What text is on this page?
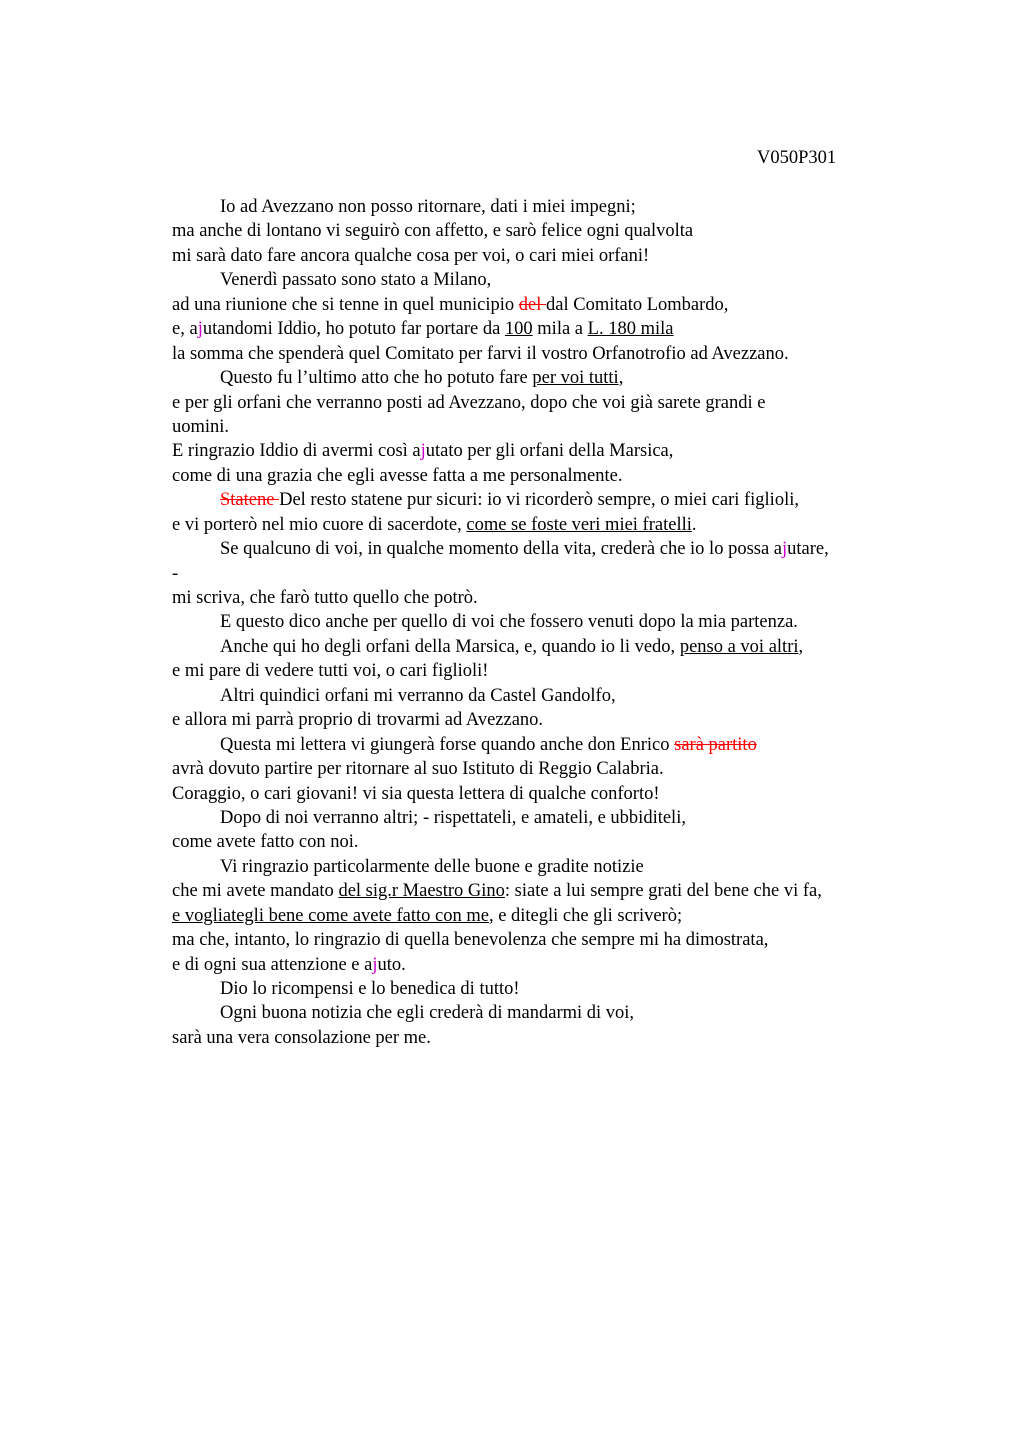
V050P301
Io ad Avezzano non posso ritornare, dati i miei impegni;
ma anche di lontano vi seguirò con affetto, e sarò felice ogni qualvolta
mi sarà dato fare ancora qualche cosa per voi, o cari miei orfani!
Venerdì passato sono stato a Milano,
ad una riunione che si tenne in quel municipio del dal Comitato Lombardo,
e, ajutandomi Iddio, ho potuto far portare da 100 mila a L. 180 mila
la somma che spenderà quel Comitato per farvi il vostro Orfanotrofio ad Avezzano.
Questo fu l’ultimo atto che ho potuto fare per voi tutti,
e per gli orfani che verranno posti ad Avezzano, dopo che voi già sarete grandi e
uomini.
E ringrazio Iddio di avermi così ajutato per gli orfani della Marsica,
come di una grazia che egli avesse fatta a me personalmente.
Statene Del resto statene pur sicuri: io vi ricorderò sempre, o miei cari figlioli,
e vi porterò nel mio cuore di sacerdote, come se foste veri miei fratelli.
Se qualcuno di voi, in qualche momento della vita, crederà che io lo possa ajutare,
-
mi scriva, che farò tutto quello che potrò.
E questo dico anche per quello di voi che fossero venuti dopo la mia partenza.
Anche qui ho degli orfani della Marsica, e, quando io li vedo, penso a voi altri,
e mi pare di vedere tutti voi, o cari figlioli!
Altri quindici orfani mi verranno da Castel Gandolfo,
e allora mi parrà proprio di trovarmi ad Avezzano.
Questa mi lettera vi giungerà forse quando anche don Enrico sarà partito
avrà dovuto partire per ritornare al suo Istituto di Reggio Calabria.
Coraggio, o cari giovani! vi sia questa lettera di qualche conforto!
Dopo di noi verranno altri; - rispettateli, e amateli, e ubbiditeli,
come avete fatto con noi.
Vi ringrazio particolarmente delle buone e gradite notizie
che mi avete mandato del sig.r Maestro Gino: siate a lui sempre grati del bene che vi fa,
e vogliategli bene come avete fatto con me, e ditegli che gli scriverò;
ma che, intanto, lo ringrazio di quella benevolenza che sempre mi ha dimostrata,
e di ogni sua attenzione e ajuto.
Dio lo ricompensi e lo benedica di tutto!
Ogni buona notizia che egli crederà di mandarmi di voi,
sarà una vera consolazione per me.
